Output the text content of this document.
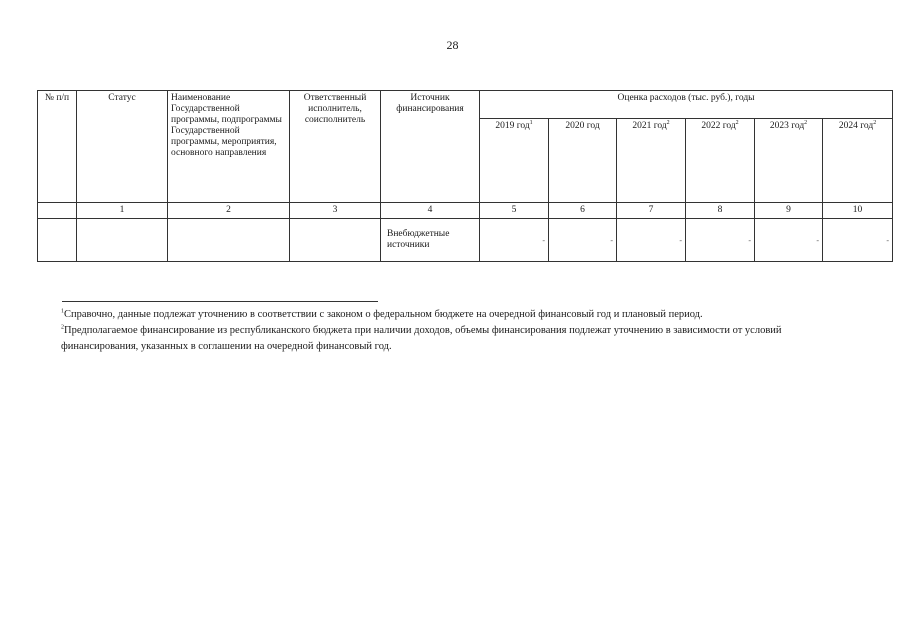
28
№ п/п	Статус	Наименование Государственной программы, подпрограммы Государственной программы, мероприятия, основного направления	Ответственный исполнитель, соисполнитель	Источник финансирования	Оценка расходов (тыс. руб.), годы					
					2019 год$^1$	2020 год	2021 год$^2$	2022 год$^2$	2023 год$^2$	2024 год$^2$
	1	2	3	4	5	6	7	8	9	10
				Внебюджетные источники	-	-	-	-	-	-

$^1$Справочно, данные подлежат уточнению в соответствии с законом о федеральном бюджете на очередной финансовый год и плановый период.

$^2$Предполагаемое финансирование из республиканского бюджета при наличии доходов, объемы финансирования подлежат уточнению в зависимости от условий финансирования, указанных в соглашении на очередной финансовый год.
